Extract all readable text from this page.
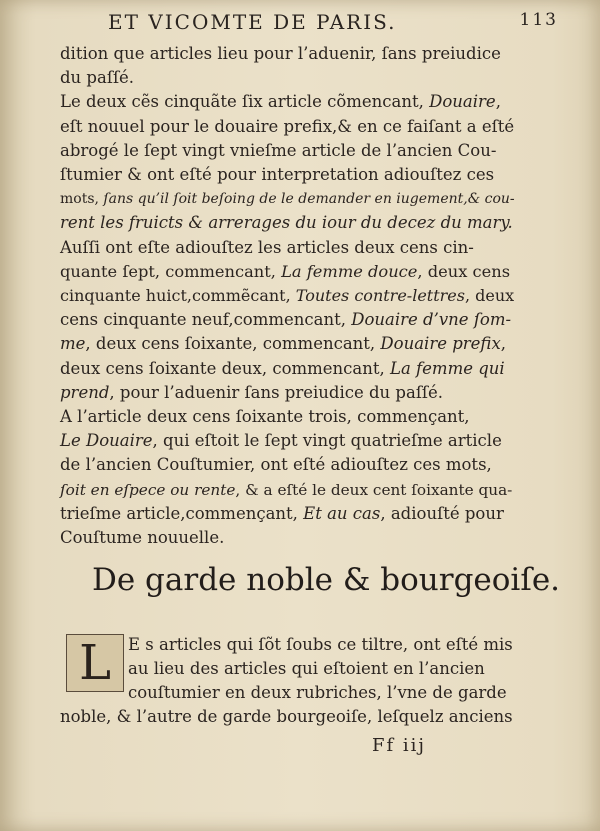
ET VICOMTE DE PARIS.	113
dition que articles lieu pour l’aduenir, ſans preiudice
du paſſé.
Le deux cẽs cinquãte ſix article cõmencant, Douaire,
eſt nouuel pour le douaire prefix,& en ce faiſant a eſté
abrogé le ſept vingt vnieſme article de l’ancien Cou-
ſtumier & ont eſté pour interpretation adiouſtez ces
mots, ſans qu’il ſoit beſoing de le demander en iugement,& cou-
rent les fruicts & arrerages du iour du decez du mary.
Auſſi ont eſte adiouſtez les articles deux cens cin-
quante ſept, commencant, La femme douce, deux cens
cinquante huict,commẽcant, Toutes contre-lettres, deux
cens cinquante neuf,commencant, Douaire d’vne ſom-
me, deux cens ſoixante, commencant, Douaire prefix,
deux cens ſoixante deux, commencant, La femme qui
prend, pour l’aduenir ſans preiudice du paſſé.
A l’article deux cens ſoixante trois, commençant,
Le Douaire, qui eſtoit le ſept vingt quatrieſme article
de l’ancien Couſtumier, ont eſté adiouſtez ces mots,
ſoit en eſpece ou rente, & a eſté le deux cent ſoixante qua-
trieſme article,commençant, Et au cas, adiouſté pour
Couſtume nouuelle.
De garde noble & bourgeoiſe.
L	E s articles qui ſõt ſoubs ce tiltre, ont eſté mis
au lieu des articles qui eſtoient en l’ancien
couſtumier en deux rubriches, l’vne de garde
noble, & l’autre de garde bourgeoiſe, leſquelz anciens
Ff iij
